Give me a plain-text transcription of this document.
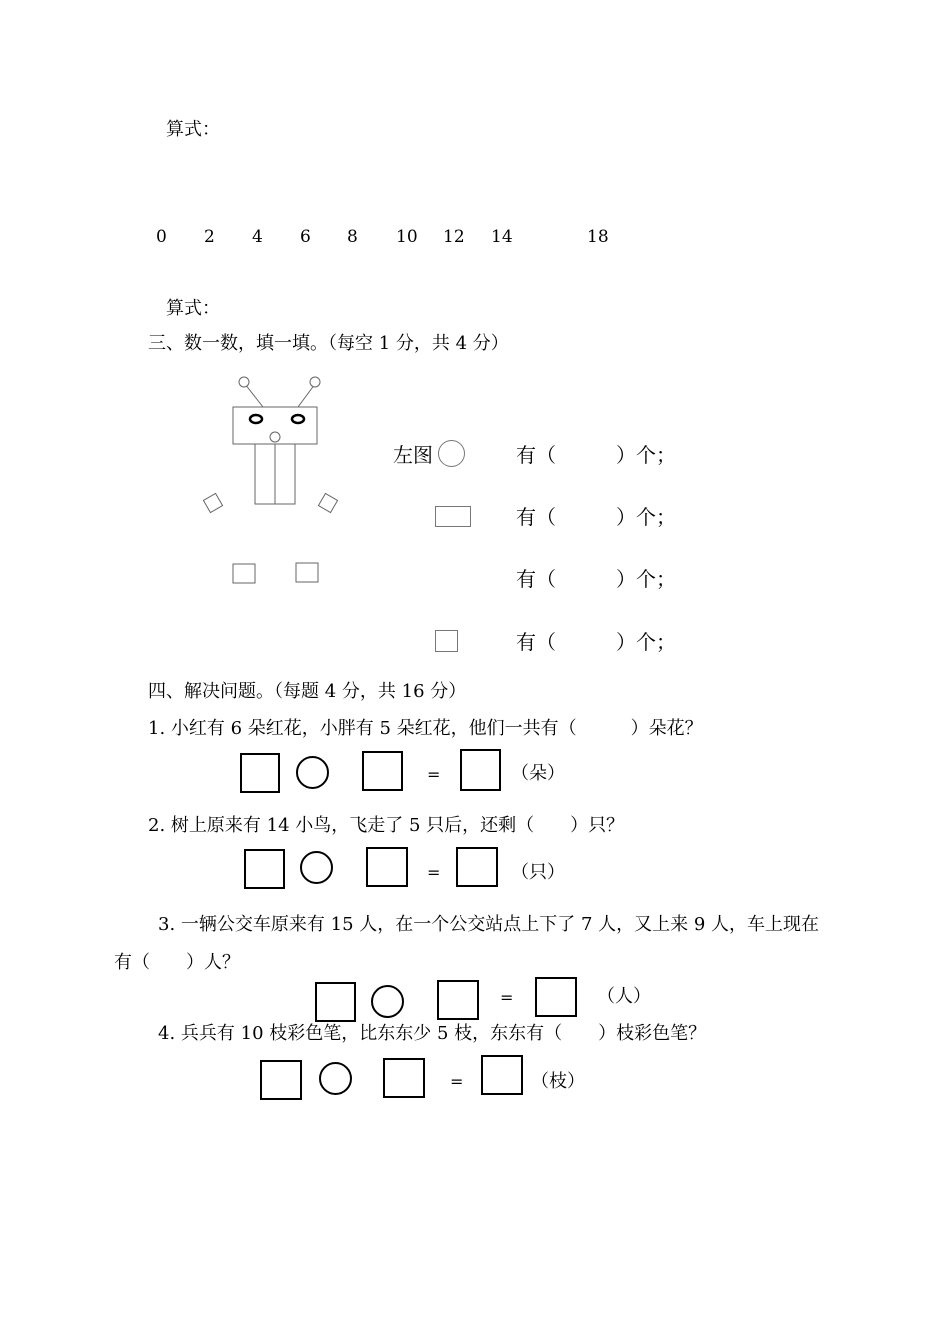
算式：
0 2 4 6 8 10 12 14	18
算式：
三、数一数，填一填。（每空 1 分，共 4 分）
左图	有（　　　）个；
有（　　　）个；
有（　　　）个；
有（　　　）个；
四、解决问题。（每题 4 分，共 16 分）
1. 小红有 6 朵红花，小胖有 5 朵红花，他们一共有（　　　）朵花？
=	（朵）
2. 树上原来有 14 小鸟，飞走了 5 只后，还剩（　　）只？
=	（只）
3. 一辆公交车原来有 15 人，在一个公交站点上下了 7 人，又上来 9 人，车上现在
有（　　）人？
=	（人）
4. 兵兵有 10 枝彩色笔，比东东少 5 枝，东东有（　　）枝彩色笔？
=	（枝）
